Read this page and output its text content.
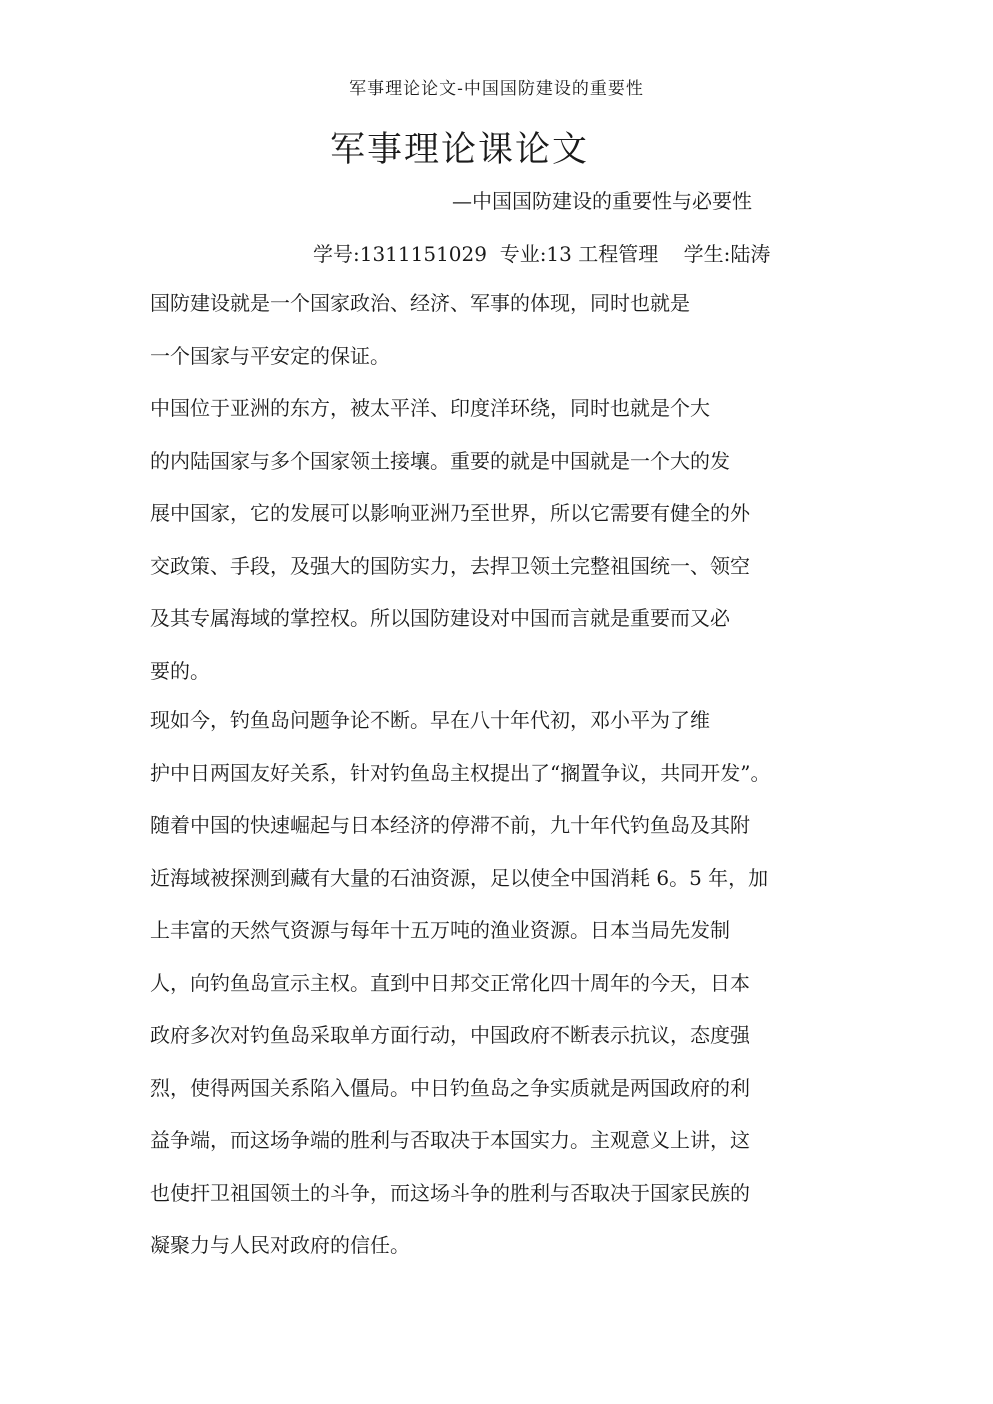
军事理论论文-中国国防建设的重要性
军事理论课论文
—中国国防建设的重要性与必要性
学号:1311151029  专业:13 工程管理    学生:陆涛
国防建设就是一个国家政治、经济、军事的体现，同时也就是
一个国家与平安定的保证。
中国位于亚洲的东方，被太平洋、印度洋环绕，同时也就是个大
的内陆国家与多个国家领土接壤。重要的就是中国就是一个大的发
展中国家，它的发展可以影响亚洲乃至世界，所以它需要有健全的外
交政策、手段，及强大的国防实力，去捍卫领土完整祖国统一、领空
及其专属海域的掌控权。所以国防建设对中国而言就是重要而又必
要的。
现如今，钓鱼岛问题争论不断。早在八十年代初，邓小平为了维
护中日两国友好关系，针对钓鱼岛主权提出了“搁置争议，共同开发”。
随着中国的快速崛起与日本经济的停滞不前，九十年代钓鱼岛及其附
近海域被探测到藏有大量的石油资源，足以使全中国消耗 6。5 年，加
上丰富的天然气资源与每年十五万吨的渔业资源。日本当局先发制
人，向钓鱼岛宣示主权。直到中日邦交正常化四十周年的今天，日本
政府多次对钓鱼岛采取单方面行动，中国政府不断表示抗议，态度强
烈，使得两国关系陷入僵局。中日钓鱼岛之争实质就是两国政府的利
益争端，而这场争端的胜利与否取决于本国实力。主观意义上讲，这
也使扞卫祖国领土的斗争，而这场斗争的胜利与否取决于国家民族的
凝聚力与人民对政府的信任。
